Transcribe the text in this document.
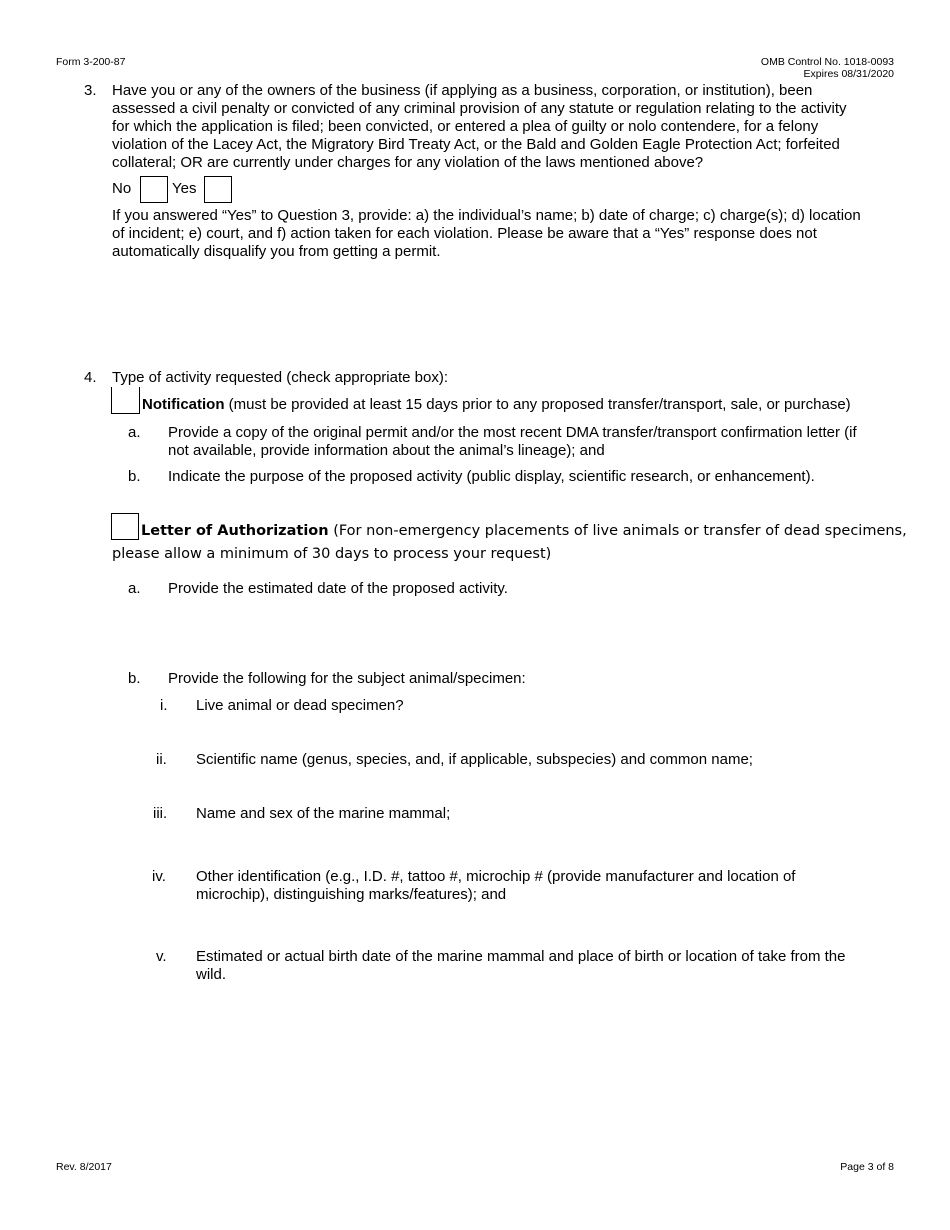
Form 3-200-87	OMB Control No. 1018-0093
Expires 08/31/2020
3. Have you or any of the owners of the business (if applying as a business, corporation, or institution), been
assessed a civil penalty or convicted of any criminal provision of any statute or regulation relating to the activity
for which the application is filed; been convicted, or entered a plea of guilty or nolo contendere, for a felony
violation of the Lacey Act, the Migratory Bird Treaty Act, or the Bald and Golden Eagle Protection Act; forfeited
collateral; OR are currently under charges for any violation of the laws mentioned above?
No	Yes
If you answered “Yes” to Question 3, provide: a) the individual’s name; b) date of charge; c) charge(s); d) location
of incident; e) court, and f) action taken for each violation. Please be aware that a “Yes” response does not
automatically disqualify you from getting a permit.
4. Type of activity requested (check appropriate box):
Notification (must be provided at least 15 days prior to any proposed transfer/transport, sale, or purchase)
a. Provide a copy of the original permit and/or the most recent DMA transfer/transport confirmation letter (if
not available, provide information about the animal’s lineage); and
b. Indicate the purpose of the proposed activity (public display, scientific research, or enhancement).
Letter of Authorization (For non-emergency placements of live animals or transfer of dead specimens,
please allow a minimum of 30 days to process your request)
a. Provide the estimated date of the proposed activity.
b. Provide the following for the subject animal/specimen:
i. Live animal or dead specimen?
ii. Scientific name (genus, species, and, if applicable, subspecies) and common name;
iii. Name and sex of the marine mammal;
iv. Other identification (e.g., I.D. #, tattoo #, microchip # (provide manufacturer and location of
microchip), distinguishing marks/features); and
v. Estimated or actual birth date of the marine mammal and place of birth or location of take from the
wild.
Rev. 8/2017	Page 3 of 8
